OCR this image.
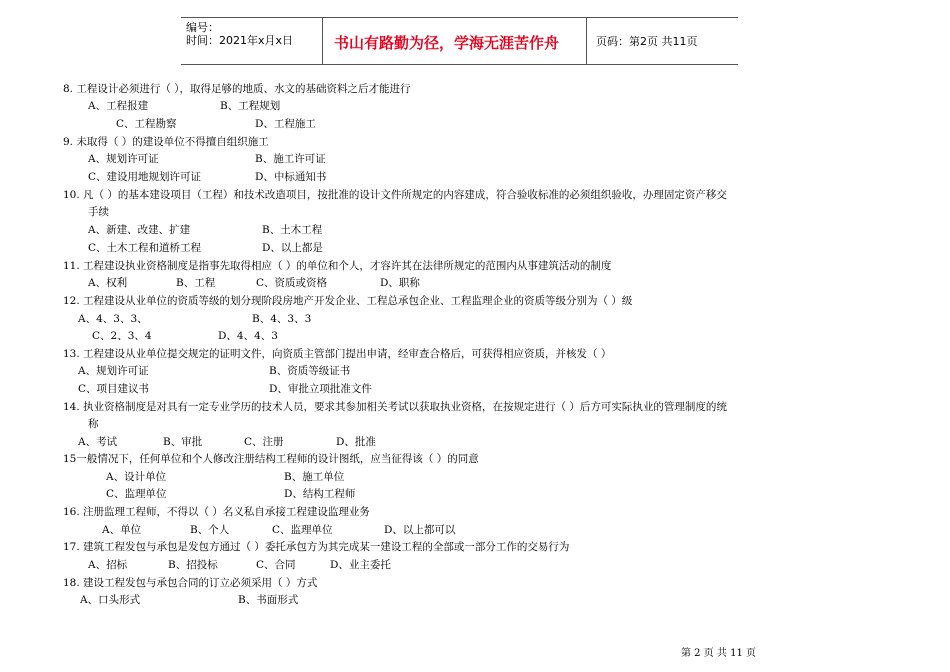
编号：
时间：2021年x月x日	书山有路勤为径，学海无涯苦作舟	页码：第2页 共11页
8. 工程设计必须进行（ ），取得足够的地质、水文的基础资料之后才能进行
A、工程报建	B、工程规划
C、工程勘察	D、工程施工
9. 未取得（ ）的建设单位不得擅自组织施工
A、规划许可证	B、施工许可证
C、建设用地规划许可证	D、中标通知书
10. 凡（ ）的基本建设项目（工程）和技术改造项目，按批准的设计文件所规定的内容建成，符合验收标准的必须组织验收，办理固定资产移交
手续
A、新建、改建、扩建	B、土木工程
C、土木工程和道桥工程	D、以上都是
11. 工程建设执业资格制度是指事先取得相应（ ）的单位和个人，才容许其在法律所规定的范围内从事建筑活动的制度
A、权利	B、工程	C、资质或资格	D、职称
12. 工程建设从业单位的资质等级的划分现阶段房地产开发企业、工程总承包企业、工程监理企业的资质等级分别为（ ）级
A、4、3、3、	B、4、3、3
C、2、3、4	D、4、4、3
13. 工程建设从业单位提交规定的证明文件，向资质主管部门提出申请，经审查合格后，可获得相应资质，并核发（ ）
A、规划许可证	B、资质等级证书
C、项目建议书	D、审批立项批准文件
14. 执业资格制度是对具有一定专业学历的技术人员，要求其参加相关考试以获取执业资格，在按规定进行（ ）后方可实际执业的管理制度的统
称
A、考试	B、审批	C、注册	D、批准
15一般情况下，任何单位和个人修改注册结构工程师的设计图纸，应当征得该（ ）的同意
A、设计单位	B、施工单位
C、监理单位	D、结构工程师
16. 注册监理工程师，不得以（ ）名义私自承接工程建设监理业务
A、单位	B、个人	C、监理单位	D、以上都可以
17. 建筑工程发包与承包是发包方通过（ ）委托承包方为其完成某一建设工程的全部或一部分工作的交易行为
A、招标	B、招投标	C、合同	D、业主委托
18. 建设工程发包与承包合同的订立必须采用（ ）方式
A、口头形式	B、书面形式
第 2 页 共 11 页
